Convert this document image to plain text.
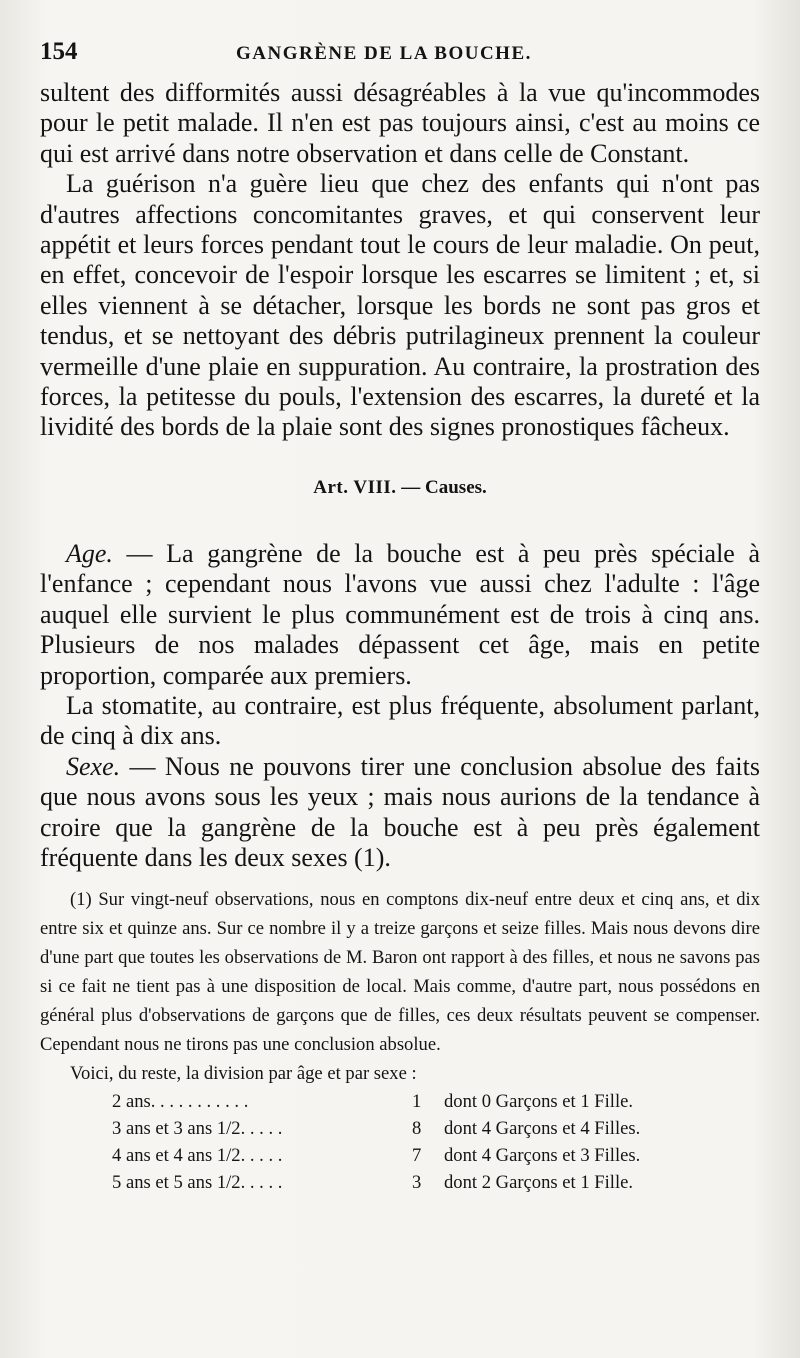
154	GANGRÈNE DE LA BOUCHE.

sultent des difformités aussi désagréables à la vue qu'incommodes pour le petit malade. Il n'en est pas toujours ainsi, c'est au moins ce qui est arrivé dans notre observation et dans celle de Constant.

La guérison n'a guère lieu que chez des enfants qui n'ont pas d'autres affections concomitantes graves, et qui conservent leur appétit et leurs forces pendant tout le cours de leur maladie. On peut, en effet, concevoir de l'espoir lorsque les escarres se limitent ; et, si elles viennent à se détacher, lorsque les bords ne sont pas gros et tendus, et se nettoyant des débris putrilagineux prennent la couleur vermeille d'une plaie en suppuration. Au contraire, la prostration des forces, la petitesse du pouls, l'extension des escarres, la dureté et la lividité des bords de la plaie sont des signes pronostiques fâcheux.

Art. VIII. — Causes.

Age. — La gangrène de la bouche est à peu près spéciale à l'enfance ; cependant nous l'avons vue aussi chez l'adulte : l'âge auquel elle survient le plus communément est de trois à cinq ans. Plusieurs de nos malades dépassent cet âge, mais en petite proportion, comparée aux premiers.

La stomatite, au contraire, est plus fréquente, absolument parlant, de cinq à dix ans.

Sexe. — Nous ne pouvons tirer une conclusion absolue des faits que nous avons sous les yeux ; mais nous aurions de la tendance à croire que la gangrène de la bouche est à peu près également fréquente dans les deux sexes (1).

(1) Sur vingt-neuf observations, nous en comptons dix-neuf entre deux et cinq ans, et dix entre six et quinze ans. Sur ce nombre il y a treize garçons et seize filles. Mais nous devons dire d'une part que toutes les observations de M. Baron ont rapport à des filles, et nous ne savons pas si ce fait ne tient pas à une disposition de local. Mais comme, d'autre part, nous possédons en général plus d'observations de garçons que de filles, ces deux résultats peuvent se compenser. Cependant nous ne tirons pas une conclusion absolue.

Voici, du reste, la division par âge et par sexe :

2 ans. . . . . . . . . . .	1	dont 0 Garçons et 1 Fille.
3 ans et 3 ans 1/2. . . . .	8	dont 4 Garçons et 4 Filles.
4 ans et 4 ans 1/2. . . . .	7	dont 4 Garçons et 3 Filles.
5 ans et 5 ans 1/2. . . . .	3	dont 2 Garçons et 1 Fille.
